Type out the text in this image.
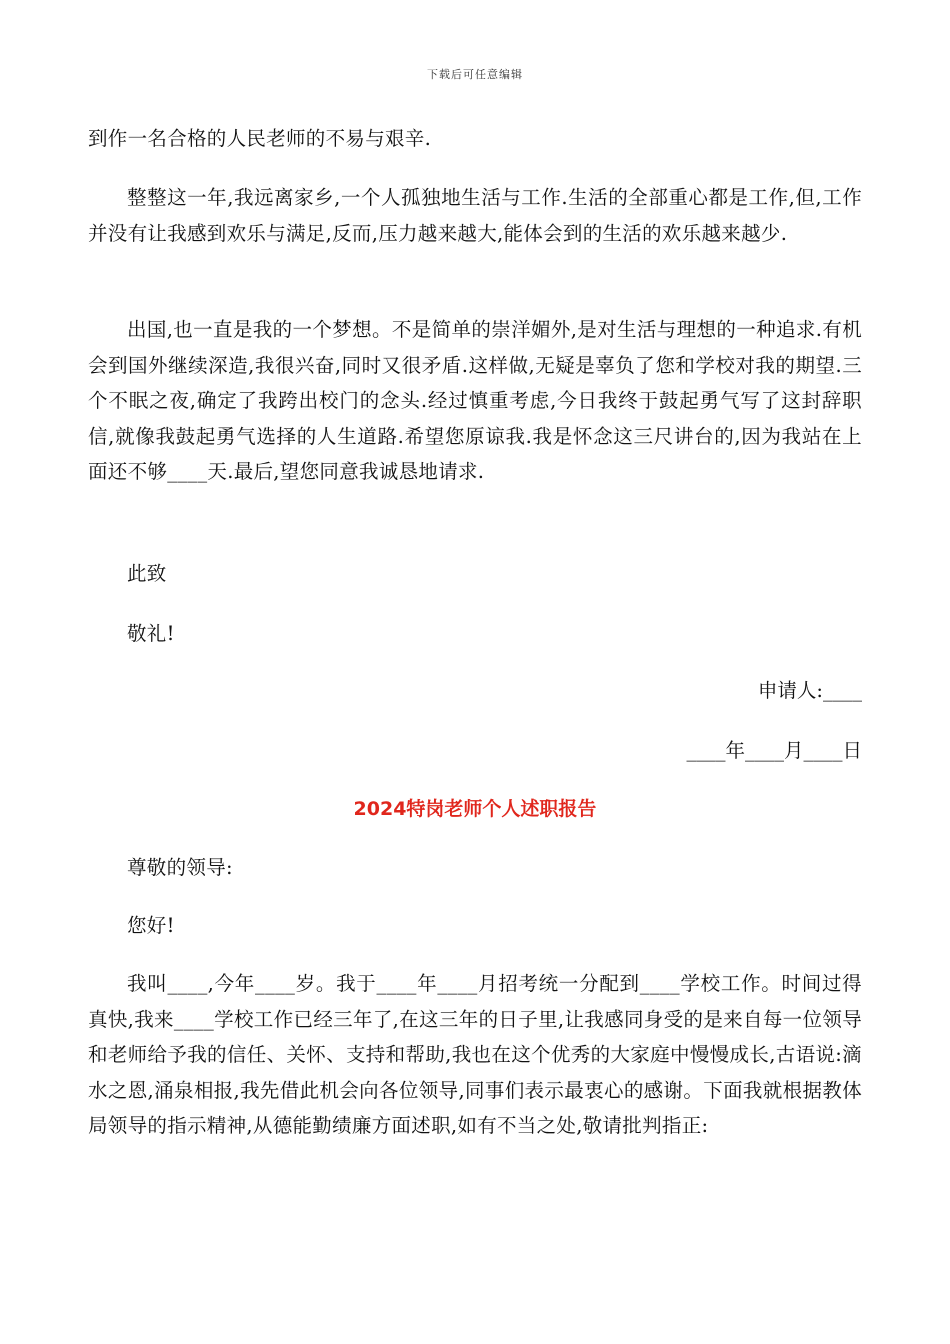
下载后可任意编辑
到作一名合格的人民老师的不易与艰辛.
整整这一年,我远离家乡,一个人孤独地生活与工作.生活的全部重心都是工作,但,工作并没有让我感到欢乐与满足,反而,压力越来越大,能体会到的生活的欢乐越来越少.
出国,也一直是我的一个梦想。不是简单的崇洋媚外,是对生活与理想的一种追求.有机会到国外继续深造,我很兴奋,同时又很矛盾.这样做,无疑是辜负了您和学校对我的期望.三个不眠之夜,确定了我跨出校门的念头.经过慎重考虑,今日我终于鼓起勇气写了这封辞职信,就像我鼓起勇气选择的人生道路.希望您原谅我.我是怀念这三尺讲台的,因为我站在上面还不够____天.最后,望您同意我诚恳地请求.
此致
敬礼!
申请人:____
____年____月____日
2024特岗老师个人述职报告
尊敬的领导:
您好!
我叫____,今年____岁。我于____年____月招考统一分配到____学校工作。时间过得真快,我来____学校工作已经三年了,在这三年的日子里,让我感同身受的是来自每一位领导和老师给予我的信任、关怀、支持和帮助,我也在这个优秀的大家庭中慢慢成长,古语说:滴水之恩,涌泉相报,我先借此机会向各位领导,同事们表示最衷心的感谢。下面我就根据教体局领导的指示精神,从德能勤绩廉方面述职,如有不当之处,敬请批判指正:
